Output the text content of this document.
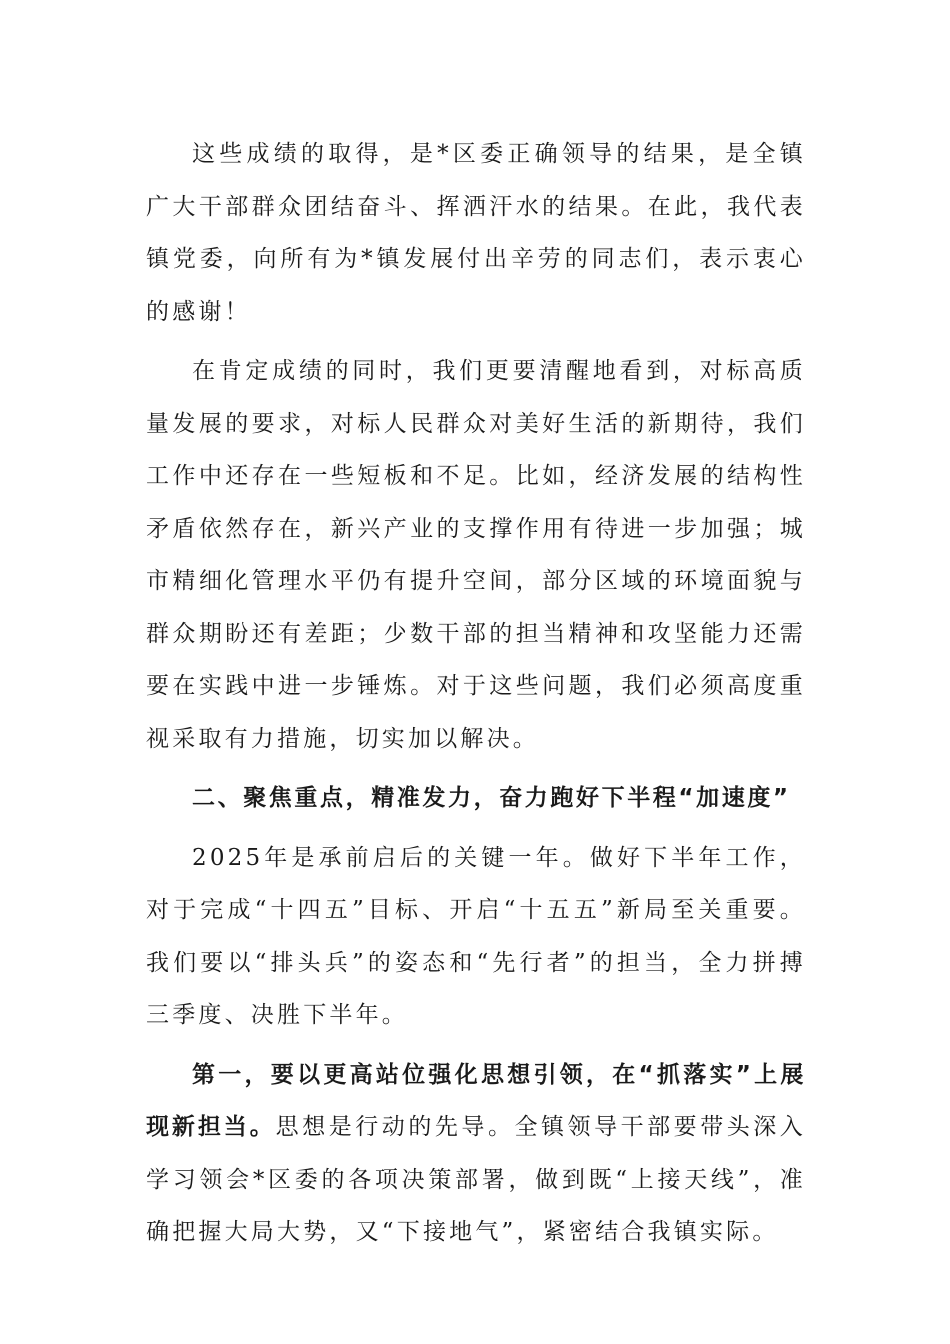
这些成绩的取得，是*区委正确领导的结果，是全镇广大干部群众团结奋斗、挥洒汗水的结果。在此，我代表镇党委，向所有为*镇发展付出辛劳的同志们，表示衷心的感谢！

在肯定成绩的同时，我们更要清醒地看到，对标高质量发展的要求，对标人民群众对美好生活的新期待，我们工作中还存在一些短板和不足。比如，经济发展的结构性矛盾依然存在，新兴产业的支撑作用有待进一步加强；城市精细化管理水平仍有提升空间，部分区域的环境面貌与群众期盼还有差距；少数干部的担当精神和攻坚能力还需要在实践中进一步锤炼。对于这些问题，我们必须高度重视采取有力措施，切实加以解决。

二、聚焦重点，精准发力，奋力跑好下半程“加速度”

2025年是承前启后的关键一年。做好下半年工作，对于完成“十四五”目标、开启“十五五”新局至关重要。我们要以“排头兵”的姿态和“先行者”的担当，全力拼搏三季度、决胜下半年。

第一，要以更高站位强化思想引领，在“抓落实”上展现新担当。思想是行动的先导。全镇领导干部要带头深入学习领会*区委的各项决策部署，做到既“上接天线”，准确把握大局大势，又“下接地气”，紧密结合我镇实际。
